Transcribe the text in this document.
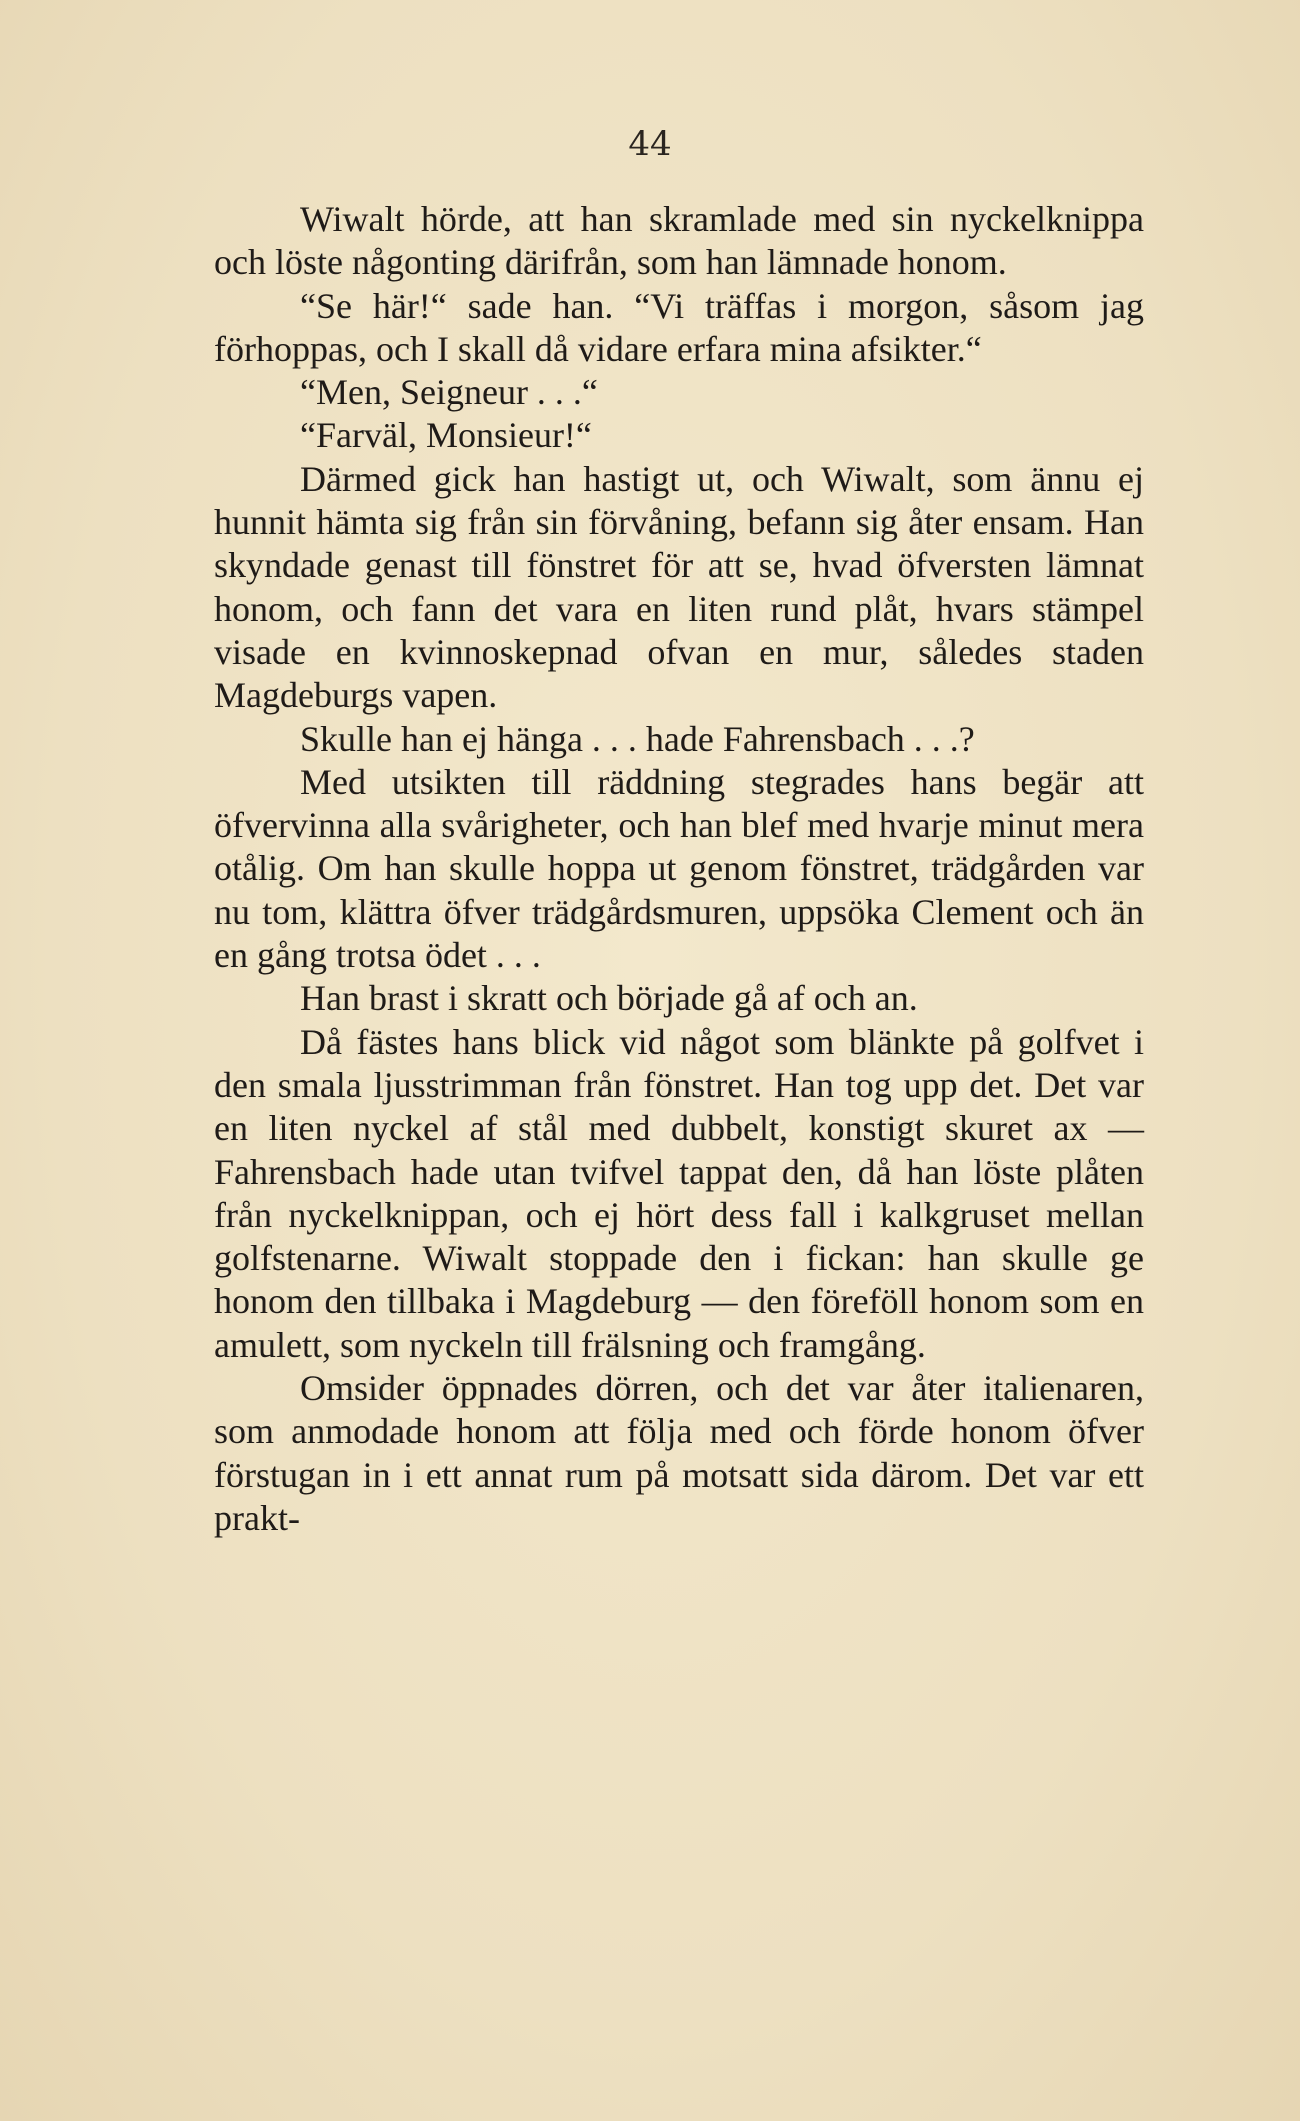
44

Wiwalt hörde, att han skramlade med sin nyckelknippa och löste någonting därifrån, som han lämnade honom.

“Se här!“ sade han. “Vi träffas i morgon, såsom jag förhoppas, och I skall då vidare erfara mina afsikter.“

“Men, Seigneur . . .“

“Farväl, Monsieur!“

Därmed gick han hastigt ut, och Wiwalt, som ännu ej hunnit hämta sig från sin förvåning, befann sig åter ensam. Han skyndade genast till fönstret för att se, hvad öfversten lämnat honom, och fann det vara en liten rund plåt, hvars stämpel visade en kvinnoskepnad ofvan en mur, således staden Magdeburgs vapen.

Skulle han ej hänga . . . hade Fahrensbach . . .?

Med utsikten till räddning stegrades hans begär att öfvervinna alla svårigheter, och han blef med hvarje minut mera otålig. Om han skulle hoppa ut genom fönstret, trädgården var nu tom, klättra öfver trädgårdsmuren, uppsöka Clement och än en gång trotsa ödet . . .

Han brast i skratt och började gå af och an.

Då fästes hans blick vid något som blänkte på golfvet i den smala ljusstrimman från fönstret. Han tog upp det. Det var en liten nyckel af stål med dubbelt, konstigt skuret ax — Fahrensbach hade utan tvifvel tappat den, då han löste plåten från nyckelknippan, och ej hört dess fall i kalkgruset mellan golfstenarne. Wiwalt stoppade den i fickan: han skulle ge honom den tillbaka i Magdeburg — den föreföll honom som en amulett, som nyckeln till frälsning och framgång.

Omsider öppnades dörren, och det var åter italienaren, som anmodade honom att följa med och förde honom öfver förstugan in i ett annat rum på motsatt sida därom. Det var ett prakt-
